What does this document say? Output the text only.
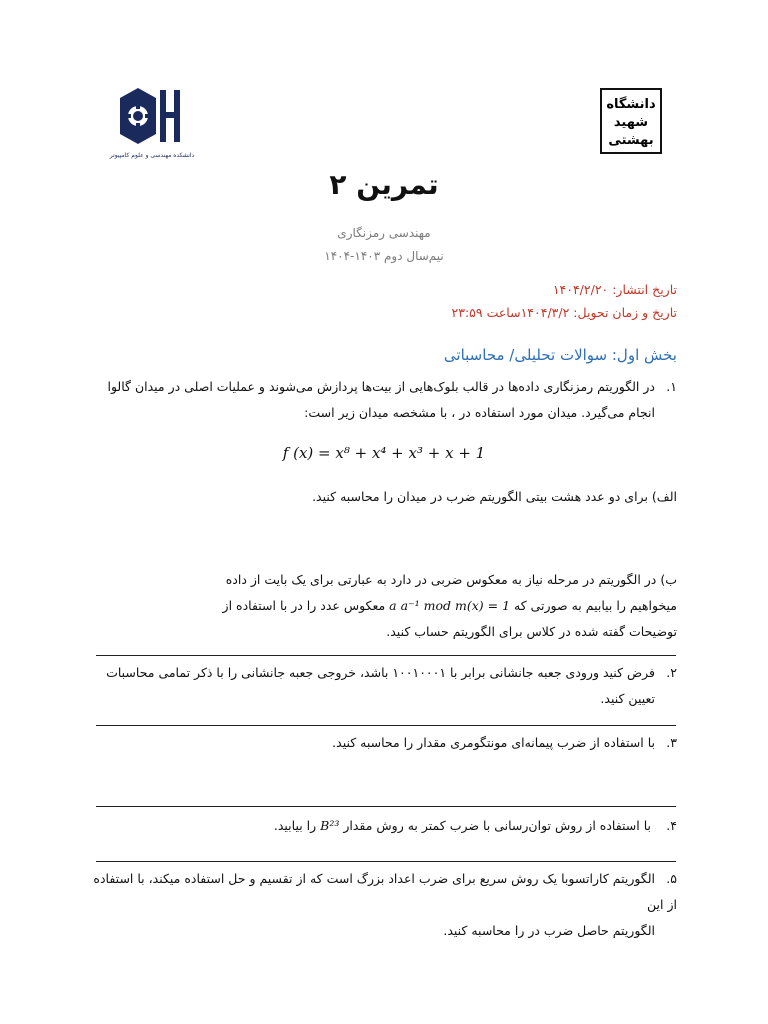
دانشکده مهندسی و علوم کامپیوتر
دانشگاه
شهید
بهشتی
تمرین ۲
مهندسی رمزنگاری
نیم‌سال دوم ۱۴۰۳-۱۴۰۴
تاریخ انتشار: ۱۴۰۴/۲/۲۰
تاریخ و زمان تحویل: ۱۴۰۴/۳/۲ساعت ۲۳:۵۹
بخش اول: سوالات تحلیلی/ محاسباتی
۱.در الگوریتم رمزنگاری داده‌ها در قالب بلوک‌هایی از بیت‌ها پردازش می‌شوند و عملیات اصلی در میدان گالوا
انجام می‌گیرد. میدان مورد استفاده در ، با مشخصه میدان زیر است:
f (x) = x⁸ + x⁴ + x³ + x + 1
الف) برای دو عدد هشت بیتی الگوریتم ضرب در میدان را محاسبه کنید.
ب) در الگوریتم در مرحله نیاز به معکوس ضربی در دارد به عبارتی برای یک بایت از داده
میخواهیم را بیابیم به صورتی که a a⁻¹ mod m(x) = 1 معکوس عدد را در با استفاده از
توضیحات گفته شده در کلاس برای الگوریتم حساب کنید.
۲.فرض کنید ورودی جعبه جانشانی برابر با ۱۰۰۱۰۰۰۱ باشد، خروجی جعبه جانشانی را با ذکر تمامی محاسبات
تعیین کنید.
۳.با استفاده از ضرب پیمانه‌ای مونتگومری مقدار را محاسبه کنید.
۴. با استفاده از روش توان‌رسانی با ضرب کمتر به روش مقدار B²³ را بیابید.
۵.الگوریتم کاراتسوبا یک روش سریع برای ضرب اعداد بزرگ است که از تقسیم و حل استفاده میکند، با استفاده از این
الگوریتم حاصل ضرب در را محاسبه کنید.
